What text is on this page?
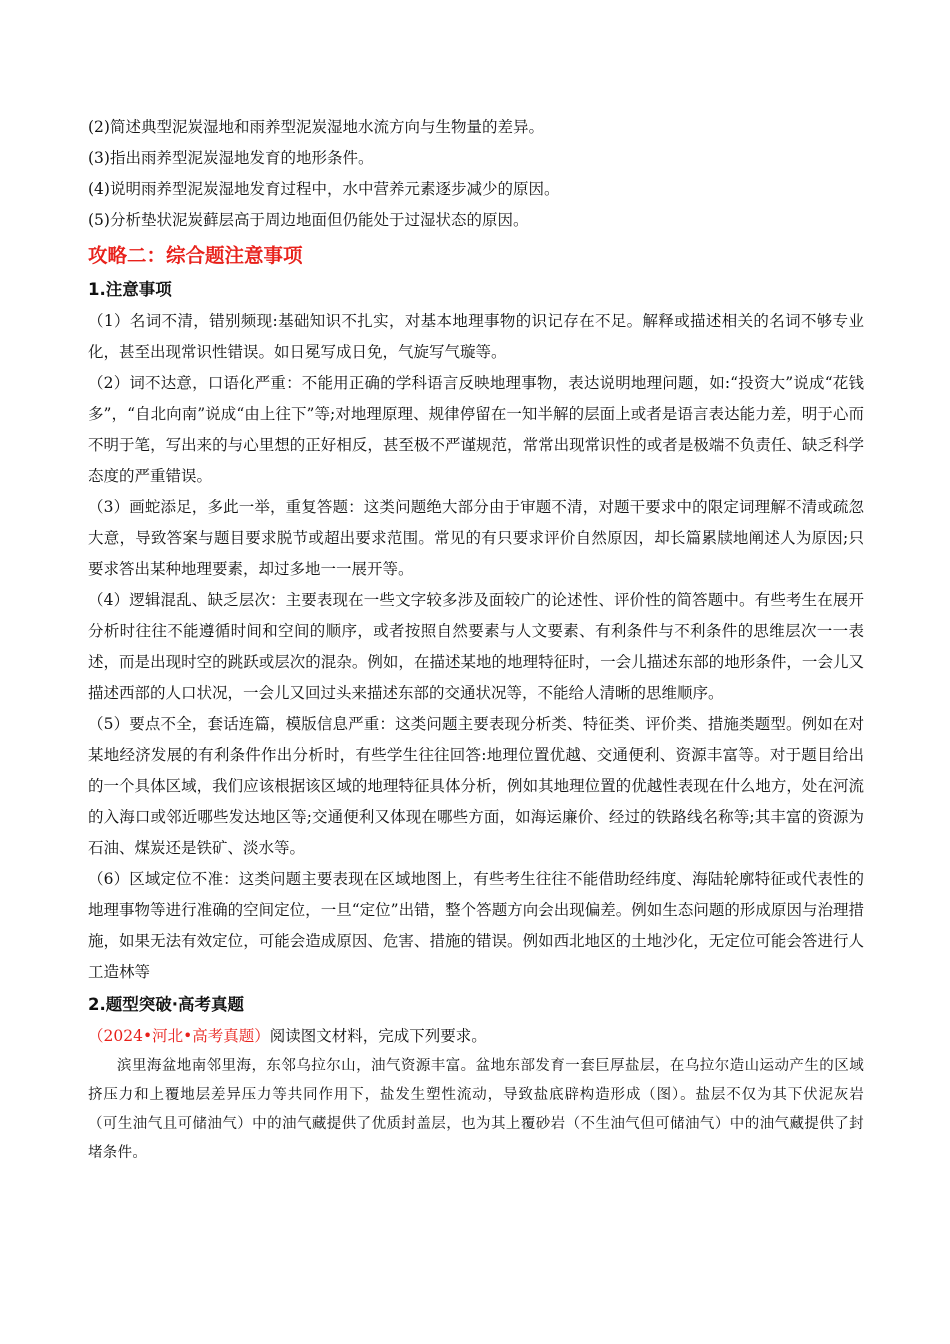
(2)简述典型泥炭湿地和雨养型泥炭湿地水流方向与生物量的差异。

(3)指出雨养型泥炭湿地发育的地形条件。

(4)说明雨养型泥炭湿地发育过程中，水中营养元素逐步减少的原因。

(5)分析垫状泥炭藓层高于周边地面但仍能处于过湿状态的原因。

攻略二：综合题注意事项

1.注意事项

（1）名词不清，错别频现:基础知识不扎实，对基本地理事物的识记存在不足。解释或描述相关的名词不够专业化，甚至出现常识性错误。如日冕写成日免，气旋写气璇等。

（2）词不达意，口语化严重：不能用正确的学科语言反映地理事物，表达说明地理问题，如:“投资大”说成“花钱多”，“自北向南”说成“由上往下”等;对地理原理、规律停留在一知半解的层面上或者是语言表达能力差，明于心而不明于笔，写出来的与心里想的正好相反，甚至极不严谨规范，常常出现常识性的或者是极端不负责任、缺乏科学态度的严重错误。

（3）画蛇添足，多此一举，重复答题：这类问题绝大部分由于审题不清，对题干要求中的限定词理解不清或疏忽大意，导致答案与题目要求脱节或超出要求范围。常见的有只要求评价自然原因，却长篇累牍地阐述人为原因;只要求答出某种地理要素，却过多地一一展开等。

（4）逻辑混乱、缺乏层次：主要表现在一些文字较多涉及面较广的论述性、评价性的简答题中。有些考生在展开分析时往往不能遵循时间和空间的顺序，或者按照自然要素与人文要素、有利条件与不利条件的思维层次一一表述，而是出现时空的跳跃或层次的混杂。例如，在描述某地的地理特征时，一会儿描述东部的地形条件，一会儿又描述西部的人口状况，一会儿又回过头来描述东部的交通状况等，不能给人清晰的思维顺序。

（5）要点不全，套话连篇，模版信息严重：这类问题主要表现分析类、特征类、评价类、措施类题型。例如在对某地经济发展的有利条件作出分析时，有些学生往往回答:地理位置优越、交通便利、资源丰富等。对于题目给出的一个具体区域，我们应该根据该区域的地理特征具体分析，例如其地理位置的优越性表现在什么地方，处在河流的入海口或邻近哪些发达地区等;交通便利又体现在哪些方面，如海运廉价、经过的铁路线名称等;其丰富的资源为石油、煤炭还是铁矿、淡水等。

（6）区域定位不准：这类问题主要表现在区域地图上，有些考生往往不能借助经纬度、海陆轮廓特征或代表性的地理事物等进行准确的空间定位，一旦“定位”出错，整个答题方向会出现偏差。例如生态问题的形成原因与治理措施，如果无法有效定位，可能会造成原因、危害、措施的错误。例如西北地区的土地沙化，无定位可能会答进行人工造林等

2.题型突破·高考真题

（2024•河北•高考真题）阅读图文材料，完成下列要求。

滨里海盆地南邻里海，东邻乌拉尔山，油气资源丰富。盆地东部发育一套巨厚盐层，在乌拉尔造山运动产生的区域挤压力和上覆地层差异压力等共同作用下，盐发生塑性流动，导致盐底辟构造形成（图）。盐层不仅为其下伏泥灰岩（可生油气且可储油气）中的油气藏提供了优质封盖层，也为其上覆砂岩（不生油气但可储油气）中的油气藏提供了封堵条件。
